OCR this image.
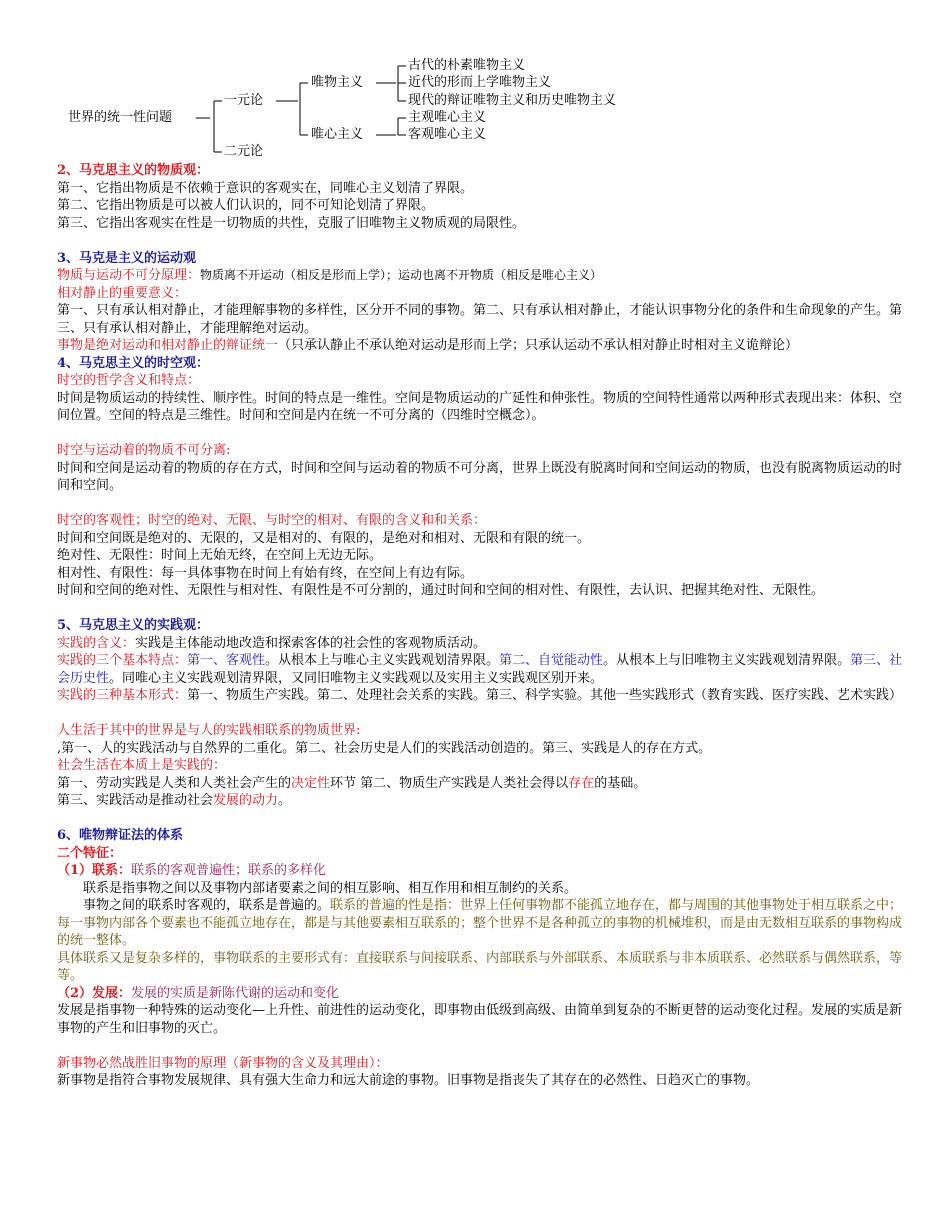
世界的统一性问题
一元论
二元论
唯物主义
唯心主义
古代的朴素唯物主义
近代的形而上学唯物主义
现代的辩证唯物主义和历史唯物主义
主观唯心主义
客观唯心主义

2、马克思主义的物质观：

第一、它指出物质是不依赖于意识的客观实在，同唯心主义划清了界限。

第二、它指出物质是可以被人们认识的，同不可知论划清了界限。

第三、它指出客观实在性是一切物质的共性，克服了旧唯物主义物质观的局限性。

3、马克是主义的运动观

物质与运动不可分原理：物质离不开运动（相反是形而上学）；运动也离不开物质（相反是唯心主义）

相对静止的重要意义：

第一、只有承认相对静止，才能理解事物的多样性，区分开不同的事物。第二、只有承认相对静止，才能认识事物分化的条件和生命现象的产生。第三、只有承认相对静止，才能理解绝对运动。

事物是绝对运动和相对静止的辩证统一（只承认静止不承认绝对运动是形而上学；只承认运动不承认相对静止时相对主义诡辩论）

4、马克思主义的时空观：

时空的哲学含义和特点：

时间是物质运动的持续性、顺序性。时间的特点是一维性。空间是物质运动的广延性和伸张性。物质的空间特性通常以两种形式表现出来：体积、空间位置。空间的特点是三维性。时间和空间是内在统一不可分离的（四维时空概念）。

时空与运动着的物质不可分离:

时间和空间是运动着的物质的存在方式，时间和空间与运动着的物质不可分离，世界上既没有脱离时间和空间运动的物质，也没有脱离物质运动的时间和空间。

时空的客观性；时空的绝对、无限、与时空的相对、有限的含义和和关系：

时间和空间既是绝对的、无限的，又是相对的、有限的，是绝对和相对、无限和有限的统一。

绝对性、无限性：时间上无始无终，在空间上无边无际。

相对性、有限性：每一具体事物在时间上有始有终，在空间上有边有际。

时间和空间的绝对性、无限性与相对性、有限性是不可分割的，通过时间和空间的相对性、有限性，去认识、把握其绝对性、无限性。

5、马克思主义的实践观：

实践的含义：实践是主体能动地改造和探索客体的社会性的客观物质活动。

实践的三个基本特点：第一、客观性。从根本上与唯心主义实践观划清界限。第二、自觉能动性。从根本上与旧唯物主义实践观划清界限。第三、社会历史性。同唯心主义实践观划清界限，又同旧唯物主义实践观以及实用主义实践观区别开来。

实践的三种基本形式：第一、物质生产实践。第二、处理社会关系的实践。第三、科学实验。其他一些实践形式（教育实践、医疗实践、艺术实践）

人生活于其中的世界是与人的实践相联系的物质世界:

,第一、人的实践活动与自然界的二重化。第二、社会历史是人们的实践活动创造的。第三、实践是人的存在方式。

社会生活在本质上是实践的：

第一、劳动实践是人类和人类社会产生的决定性环节 第二、物质生产实践是人类社会得以存在的基础。

第三、实践活动是推动社会发展的动力。

6、唯物辩证法的体系

二个特征：

（1）联系：联系的客观普遍性；联系的多样化

联系是指事物之间以及事物内部诸要素之间的相互影响、相互作用和相互制约的关系。

事物之间的联系时客观的，联系是普遍的。联系的普遍的性是指：世界上任何事物都不能孤立地存在，都与周围的其他事物处于相互联系之中；每一事物内部各个要素也不能孤立地存在，都是与其他要素相互联系的；整个世界不是各种孤立的事物的机械堆积，而是由无数相互联系的事物构成的统一整体。

具体联系又是复杂多样的，事物联系的主要形式有：直接联系与间接联系、内部联系与外部联系、本质联系与非本质联系、必然联系与偶然联系，等等。

（2）发展：发展的实质是新陈代谢的运动和变化

发展是指事物一种特殊的运动变化—上升性、前进性的运动变化，即事物由低级到高级、由简单到复杂的不断更替的运动变化过程。发展的实质是新事物的产生和旧事物的灭亡。

新事物必然战胜旧事物的原理（新事物的含义及其理由）：

新事物是指符合事物发展规律、具有强大生命力和远大前途的事物。旧事物是指丧失了其存在的必然性、日趋灭亡的事物。
